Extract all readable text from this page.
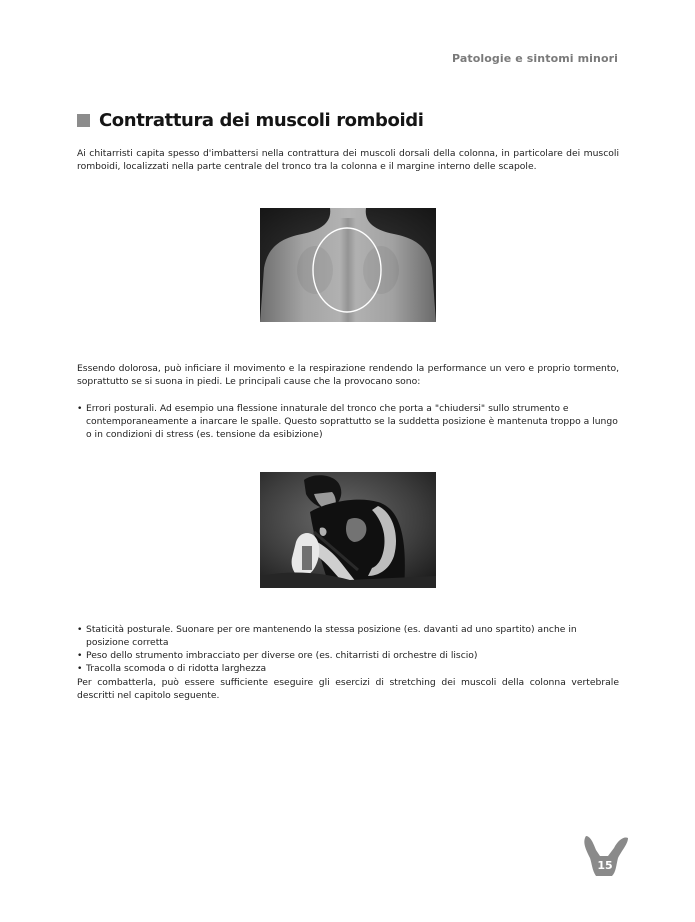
Patologie e sintomi minori
Contrattura dei muscoli romboidi

Ai chitarristi capita spesso d'imbattersi nella contrattura dei muscoli dorsali della colonna, in particolare dei muscoli romboidi, localizzati nella parte centrale del tronco tra la colonna e il margine interno delle scapole.

Essendo dolorosa, può inficiare il movimento e la respirazione rendendo la performance un vero e proprio tormento, soprattutto se si suona in piedi. Le principali cause che la provocano sono:

• Errori posturali. Ad esempio una flessione innaturale del tronco che porta a "chiudersi" sullo strumento e contemporaneamente a inarcare le spalle. Questo soprattutto se la suddetta posizione è mantenuta troppo a lungo o in condizioni di stress (es. tensione da esibizione)
• Staticità posturale. Suonare per ore mantenendo la stessa posizione (es. davanti ad uno spartito) anche in posizione corretta
• Peso dello strumento imbracciato per diverse ore (es. chitarristi di orchestre di liscio)
• Tracolla scomoda o di ridotta larghezza

Per combatterla, può essere sufficiente eseguire gli esercizi di stretching dei muscoli della colonna vertebrale descritti nel capitolo seguente.

15
